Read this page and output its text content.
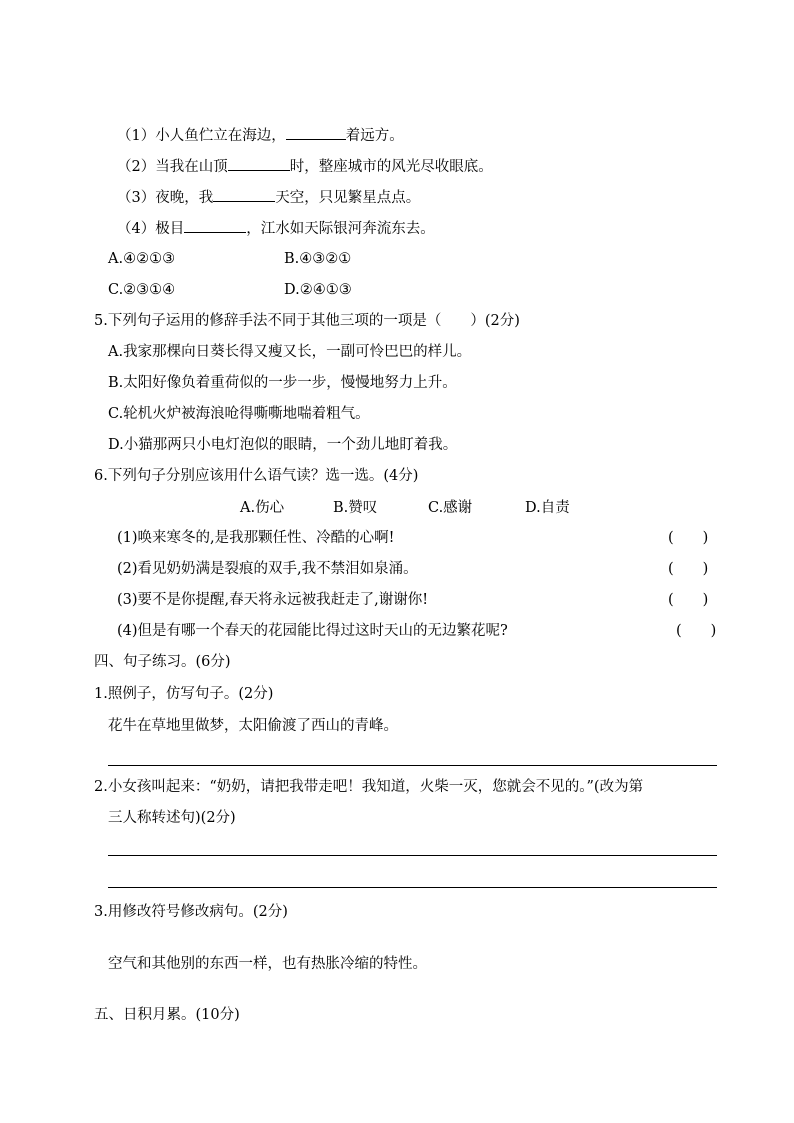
（1）小人鱼伫立在海边，	着远方。
（2）当我在山顶	时，整座城市的风光尽收眼底。
（3）夜晚，我	天空，只见繁星点点。
（4）极目	，江水如天际银河奔流东去。
A.④②①③	B.④③②①
C.②③①④	D.②④①③
5.下列句子运用的修辞手法不同于其他三项的一项是（　　）(2分)
A.我家那棵向日葵长得又瘦又长，一副可怜巴巴的样儿。
B.太阳好像负着重荷似的一步一步，慢慢地努力上升。
C.轮机火炉被海浪呛得嘶嘶地喘着粗气。
D.小猫那两只小电灯泡似的眼睛，一个劲儿地盯着我。
6.下列句子分别应该用什么语气读？选一选。(4分)
A.伤心	B.赞叹	C.感谢	D.自责
(1)唤来寒冬的,是我那颗任性、冷酷的心啊!	(　　)
(2)看见奶奶满是裂痕的双手,我不禁泪如泉涌。	(　　)
(3)要不是你提醒,春天将永远被我赶走了,谢谢你!	(　　)
(4)但是有哪一个春天的花园能比得过这时天山的无边繁花呢?	(　　)
四、句子练习。(6分)
1.照例子，仿写句子。(2分)
花牛在草地里做梦，太阳偷渡了西山的青峰。
2.小女孩叫起来：“奶奶，请把我带走吧！我知道，火柴一灭，您就会不见的。”(改为第
三人称转述句)(2分)
3.用修改符号修改病句。(2分)
空气和其他别的东西一样，也有热胀冷缩的特性。
五、日积月累。(10分)
